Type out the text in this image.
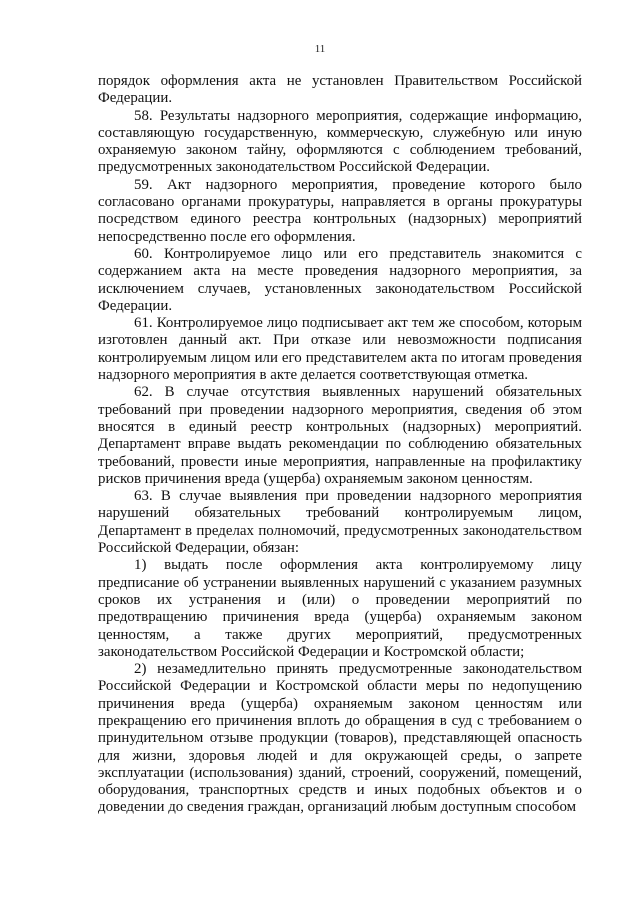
11

порядок оформления акта не установлен Правительством Российской Федерации.

58. Результаты надзорного мероприятия, содержащие информацию, составляющую государственную, коммерческую, служебную или иную охраняемую законом тайну, оформляются с соблюдением требований, предусмотренных законодательством Российской Федерации.

59. Акт надзорного мероприятия, проведение которого было согласовано органами прокуратуры, направляется в органы прокуратуры посредством единого реестра контрольных (надзорных) мероприятий непосредственно после его оформления.

60. Контролируемое лицо или его представитель знакомится с содержанием акта на месте проведения надзорного мероприятия, за исключением случаев, установленных законодательством Российской Федерации.

61. Контролируемое лицо подписывает акт тем же способом, которым изготовлен данный акт. При отказе или невозможности подписания контролируемым лицом или его представителем акта по итогам проведения надзорного мероприятия в акте делается соответствующая отметка.

62. В случае отсутствия выявленных нарушений обязательных требований при проведении надзорного мероприятия, сведения об этом вносятся в единый реестр контрольных (надзорных) мероприятий. Департамент вправе выдать рекомендации по соблюдению обязательных требований, провести иные мероприятия, направленные на профилактику рисков причинения вреда (ущерба) охраняемым законом ценностям.

63. В случае выявления при проведении надзорного мероприятия нарушений обязательных требований контролируемым лицом, Департамент в пределах полномочий, предусмотренных законодательством Российской Федерации, обязан:

1) выдать после оформления акта контролируемому лицу предписание об устранении выявленных нарушений с указанием разумных сроков их устранения и (или) о проведении мероприятий по предотвращению причинения вреда (ущерба) охраняемым законом ценностям, а также других мероприятий, предусмотренных законодательством Российской Федерации и Костромской области;

2) незамедлительно принять предусмотренные законодательством Российской Федерации и Костромской области меры по недопущению причинения вреда (ущерба) охраняемым законом ценностям или прекращению его причинения вплоть до обращения в суд с требованием о принудительном отзыве продукции (товаров), представляющей опасность для жизни, здоровья людей и для окружающей среды, о запрете эксплуатации (использования) зданий, строений, сооружений, помещений, оборудования, транспортных средств и иных подобных объектов и о доведении до сведения граждан, организаций любым доступным способом
